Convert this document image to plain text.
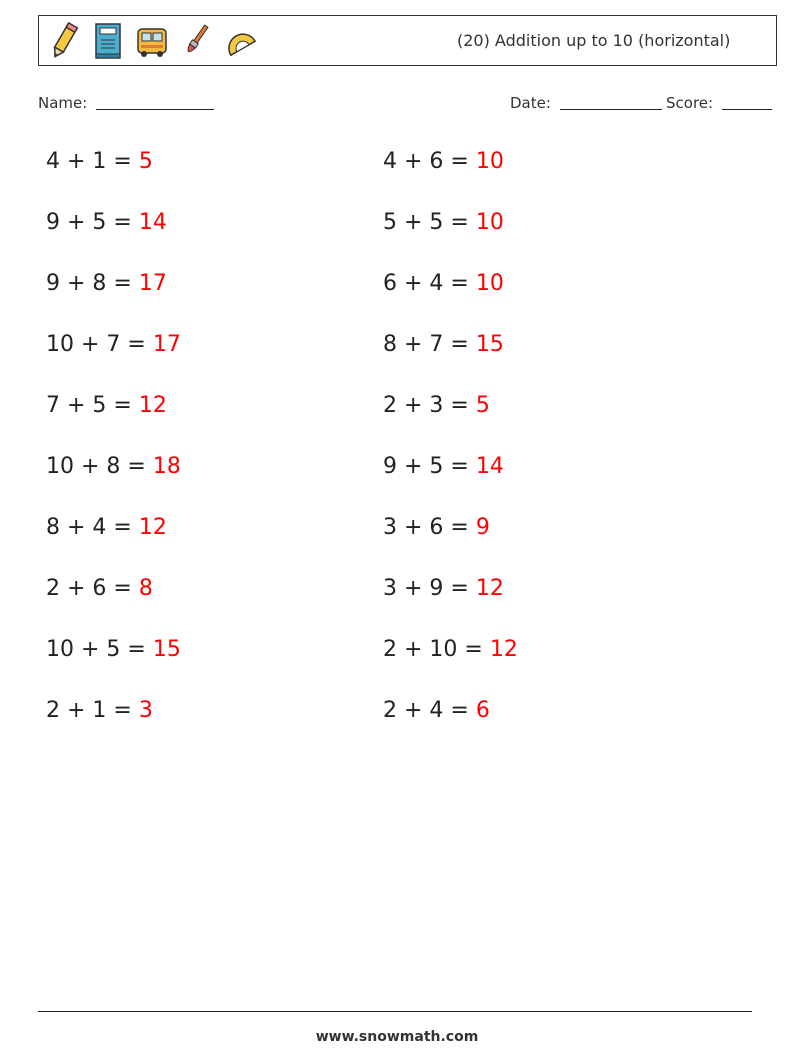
(20) Addition up to 10 (horizontal)
Name:	Date:	Score:
4 + 1 = 5	4 + 6 = 10
9 + 5 = 14	5 + 5 = 10
9 + 8 = 17	6 + 4 = 10
10 + 7 = 17	8 + 7 = 15
7 + 5 = 12	2 + 3 = 5
10 + 8 = 18	9 + 5 = 14
8 + 4 = 12	3 + 6 = 9
2 + 6 = 8	3 + 9 = 12
10 + 5 = 15	2 + 10 = 12
2 + 1 = 3	2 + 4 = 6
www.snowmath.com
